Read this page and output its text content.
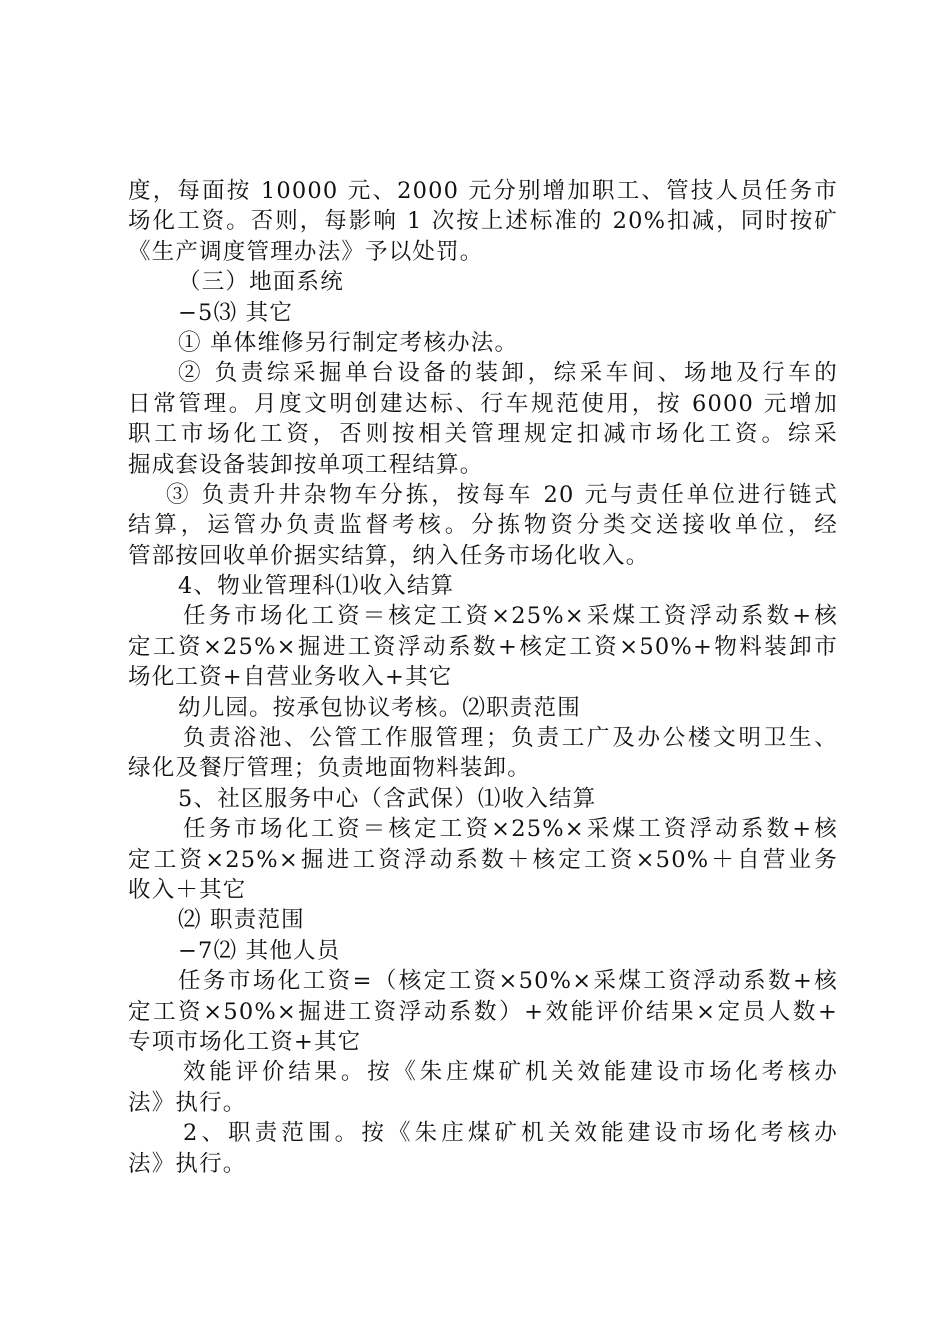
度，每面按 10000 元、2000 元分别增加职工、管技人员任务市
场化工资。否则，每影响 1 次按上述标准的 20%扣减，同时按矿
《生产调度管理办法》予以处罚。
（三）地面系统
−5⑶ 其它
① 单体维修另行制定考核办法。
② 负责综采掘单台设备的装卸，综采车间、场地及行车的
日常管理。月度文明创建达标、行车规范使用，按 6000 元增加
职工市场化工资，否则按相关管理规定扣减市场化工资。综采
掘成套设备装卸按单项工程结算。
③ 负责升井杂物车分拣，按每车 20 元与责任单位进行链式
结算，运管办负责监督考核。分拣物资分类交送接收单位，经
管部按回收单价据实结算，纳入任务市场化收入。
4、物业管理科⑴收入结算
任务市场化工资＝核定工资×25%×采煤工资浮动系数+核
定工资×25%×掘进工资浮动系数+核定工资×50%+物料装卸市
场化工资+自营业务收入+其它
幼儿园。按承包协议考核。⑵职责范围
负责浴池、公管工作服管理；负责工广及办公楼文明卫生、
绿化及餐厅管理；负责地面物料装卸。
5、社区服务中心（含武保）⑴收入结算
任务市场化工资＝核定工资×25%×采煤工资浮动系数+核
定工资×25%×掘进工资浮动系数＋核定工资×50%＋自营业务
收入＋其它
⑵ 职责范围
−7⑵ 其他人员
任务市场化工资=（核定工资×50%×采煤工资浮动系数+核
定工资×50%×掘进工资浮动系数）+效能评价结果×定员人数+
专项市场化工资+其它
效能评价结果。按《朱庄煤矿机关效能建设市场化考核办
法》执行。
2、职责范围。按《朱庄煤矿机关效能建设市场化考核办
法》执行。
